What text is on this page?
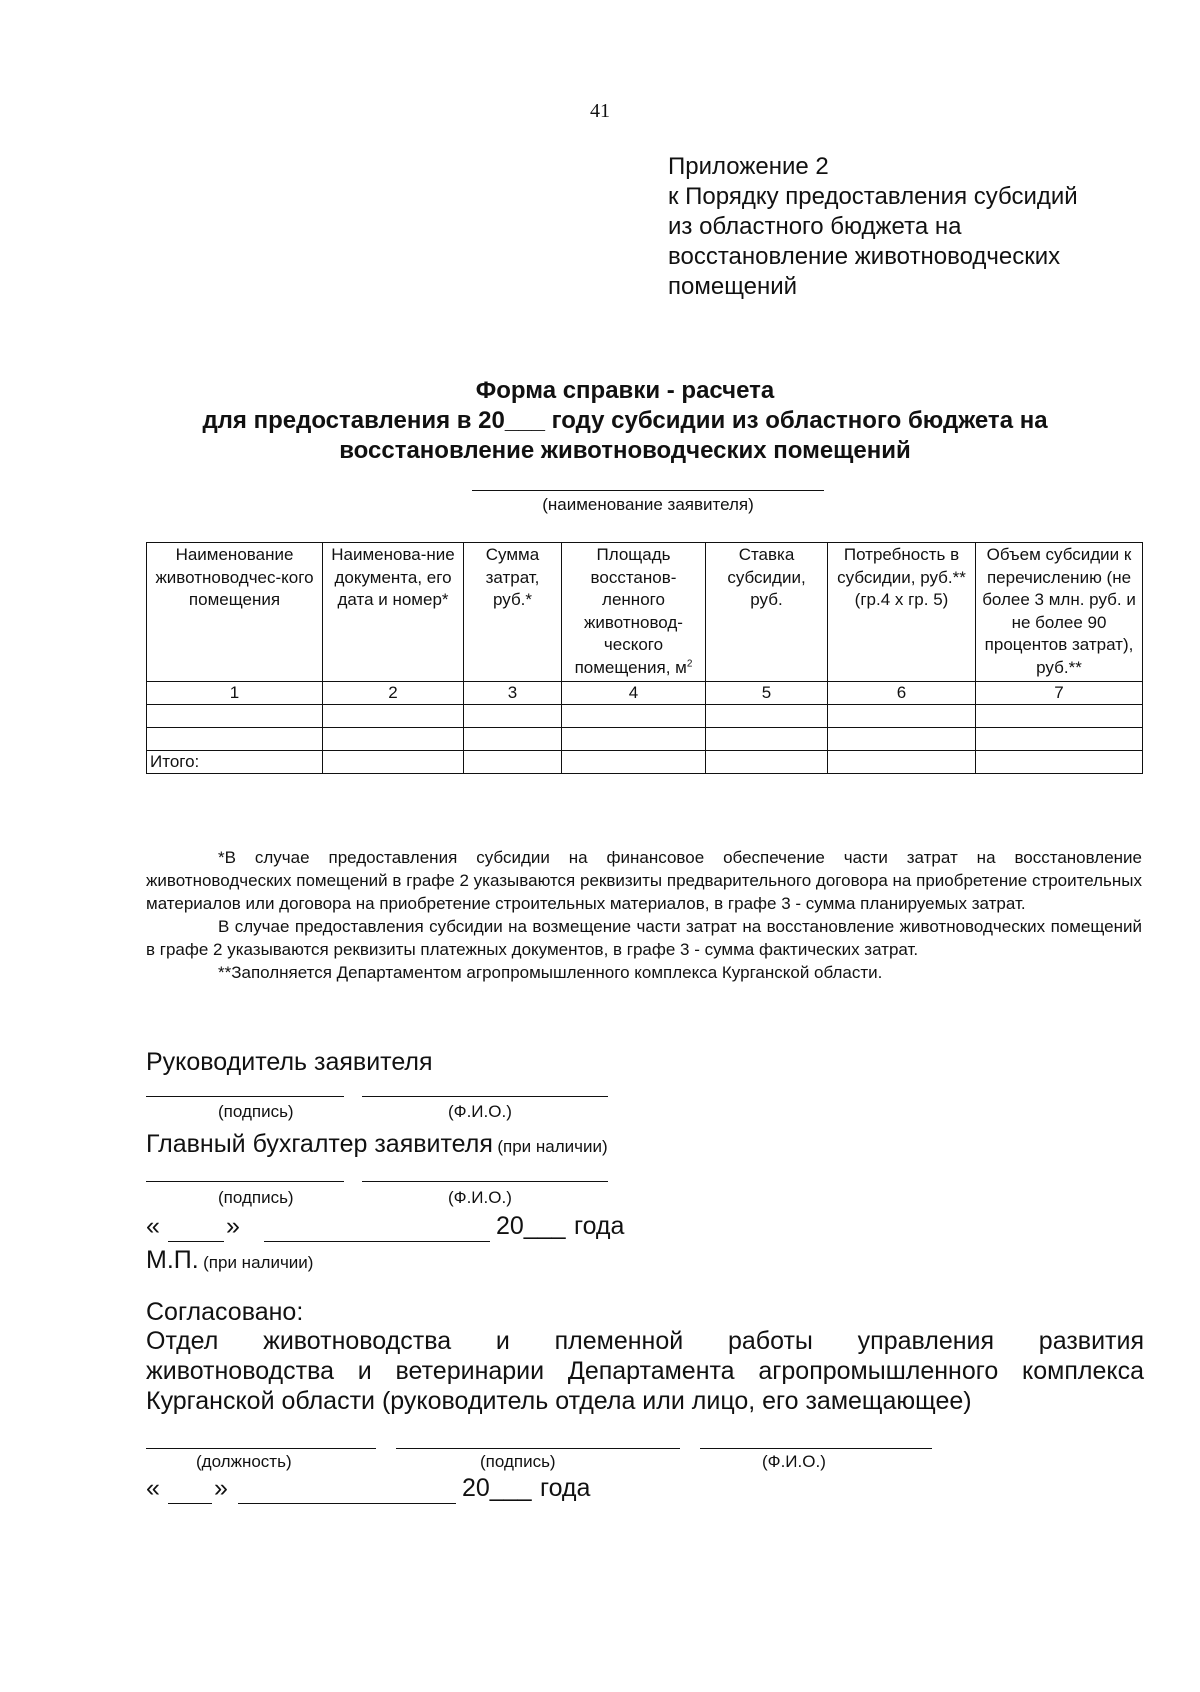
41
Приложение 2
к Порядку предоставления субсидий
из областного бюджета на
восстановление животноводческих
помещений
Форма справки - расчета
для предоставления в 20___ году субсидии из областного бюджета на
восстановление животноводческих помещений
(наименование заявителя)
Наименование животноводчес-кого помещения	Наименова-ние документа, его дата и номер*	Сумма затрат, руб.*	Площадь восстанов-ленного животновод-ческого помещения, $м^2$	Ставка субсидии, руб.	Потребность в субсидии, руб.** (гр.4 х гр. 5)	Объем субсидии к перечислению (не более 3 млн. руб. и не более 90 процентов затрат), руб.**
1	2	3	4	5	6	7

Итого:						

*В случае предоставления субсидии на финансовое обеспечение части затрат на восстановление животноводческих помещений в графе 2 указываются реквизиты предварительного договора на приобретение строительных материалов или договора на приобретение строительных материалов, в графе 3 - сумма планируемых затрат.

В случае предоставления субсидии на возмещение части затрат на восстановление животноводческих помещений в графе 2 указываются реквизиты платежных документов, в графе 3 - сумма фактических затрат.

**Заполняется Департаментом агропромышленного комплекса Курганской области.

Руководитель заявителя
(подпись)	(Ф.И.О.)
Главный бухгалтер заявителя (при наличии)
(подпись)	(Ф.И.О.)
«	»	20___ года
М.П. (при наличии)
Согласовано:
Отдел животноводства и племенной работы управления развития
животноводства и ветеринарии Департамента агропромышленного комплекса
Курганской области (руководитель отдела или лицо, его замещающее)
(должность)	(подпись)	(Ф.И.О.)
« »	20___ года
